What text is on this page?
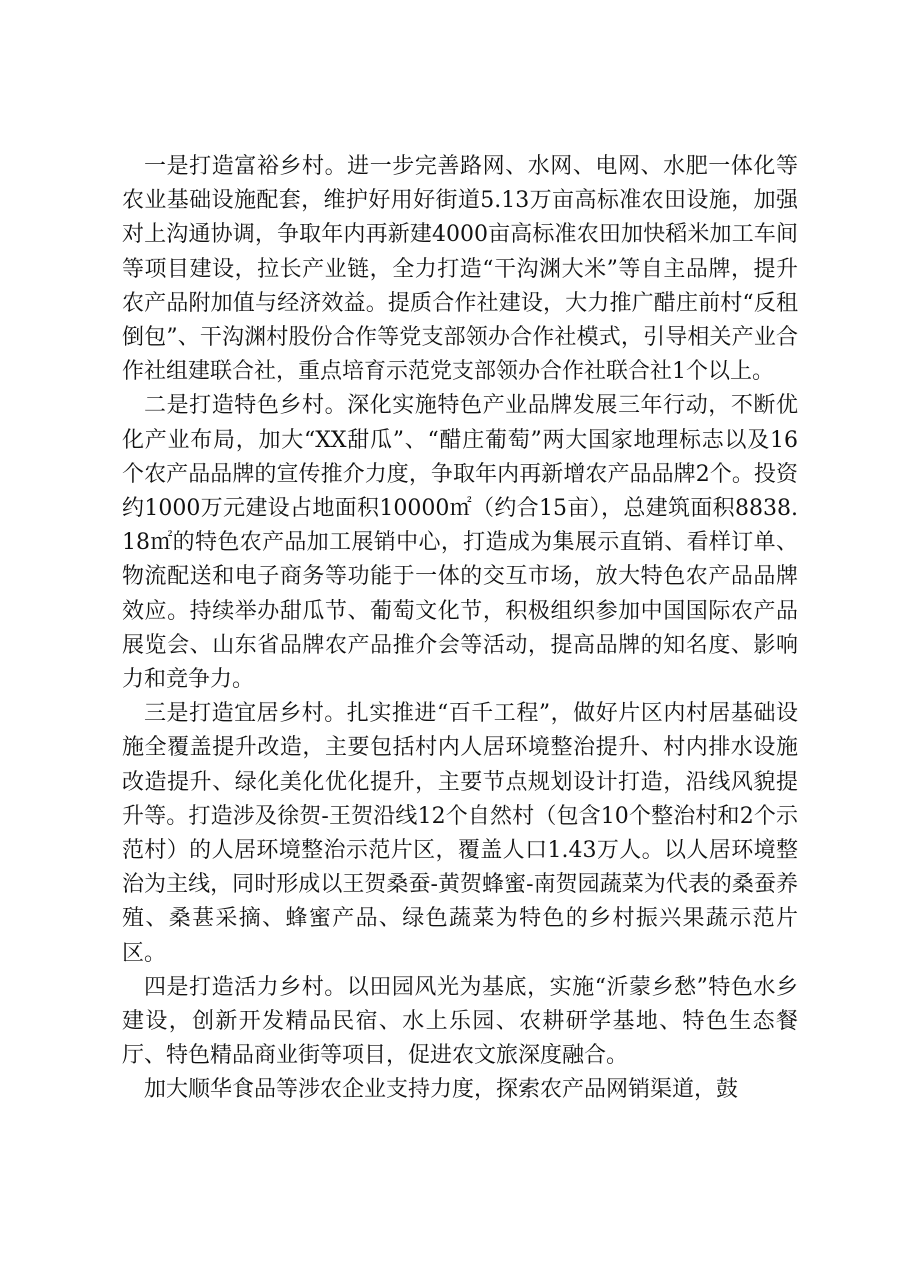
一是打造富裕乡村。进一步完善路网、水网、电网、水肥一体化等农业基础设施配套，维护好用好街道5.13万亩高标准农田设施，加强对上沟通协调，争取年内再新建4000亩高标准农田加快稻米加工车间等项目建设，拉长产业链，全力打造“干沟渊大米”等自主品牌，提升农产品附加值与经济效益。提质合作社建设，大力推广醋庄前村“反租倒包”、干沟渊村股份合作等党支部领办合作社模式，引导相关产业合作社组建联合社，重点培育示范党支部领办合作社联合社1个以上。

二是打造特色乡村。深化实施特色产业品牌发展三年行动，不断优化产业布局，加大“XX甜瓜”、“醋庄葡萄”两大国家地理标志以及16个农产品品牌的宣传推介力度，争取年内再新增农产品品牌2个。投资约1000万元建设占地面积10000㎡（约合15亩），总建筑面积8838.18㎡的特色农产品加工展销中心，打造成为集展示直销、看样订单、物流配送和电子商务等功能于一体的交互市场，放大特色农产品品牌效应。持续举办甜瓜节、葡萄文化节，积极组织参加中国国际农产品展览会、山东省品牌农产品推介会等活动，提高品牌的知名度、影响力和竞争力。

三是打造宜居乡村。扎实推进“百千工程”，做好片区内村居基础设施全覆盖提升改造，主要包括村内人居环境整治提升、村内排水设施改造提升、绿化美化优化提升，主要节点规划设计打造，沿线风貌提升等。打造涉及徐贺-王贺沿线12个自然村（包含10个整治村和2个示范村）的人居环境整治示范片区，覆盖人口1.43万人。以人居环境整治为主线，同时形成以王贺桑蚕-黄贺蜂蜜-南贺园蔬菜为代表的桑蚕养殖、桑葚采摘、蜂蜜产品、绿色蔬菜为特色的乡村振兴果蔬示范片区。

四是打造活力乡村。以田园风光为基底，实施“沂蒙乡愁”特色水乡建设，创新开发精品民宿、水上乐园、农耕研学基地、特色生态餐厅、特色精品商业街等项目，促进农文旅深度融合。

加大顺华食品等涉农企业支持力度，探索农产品网销渠道，鼓
